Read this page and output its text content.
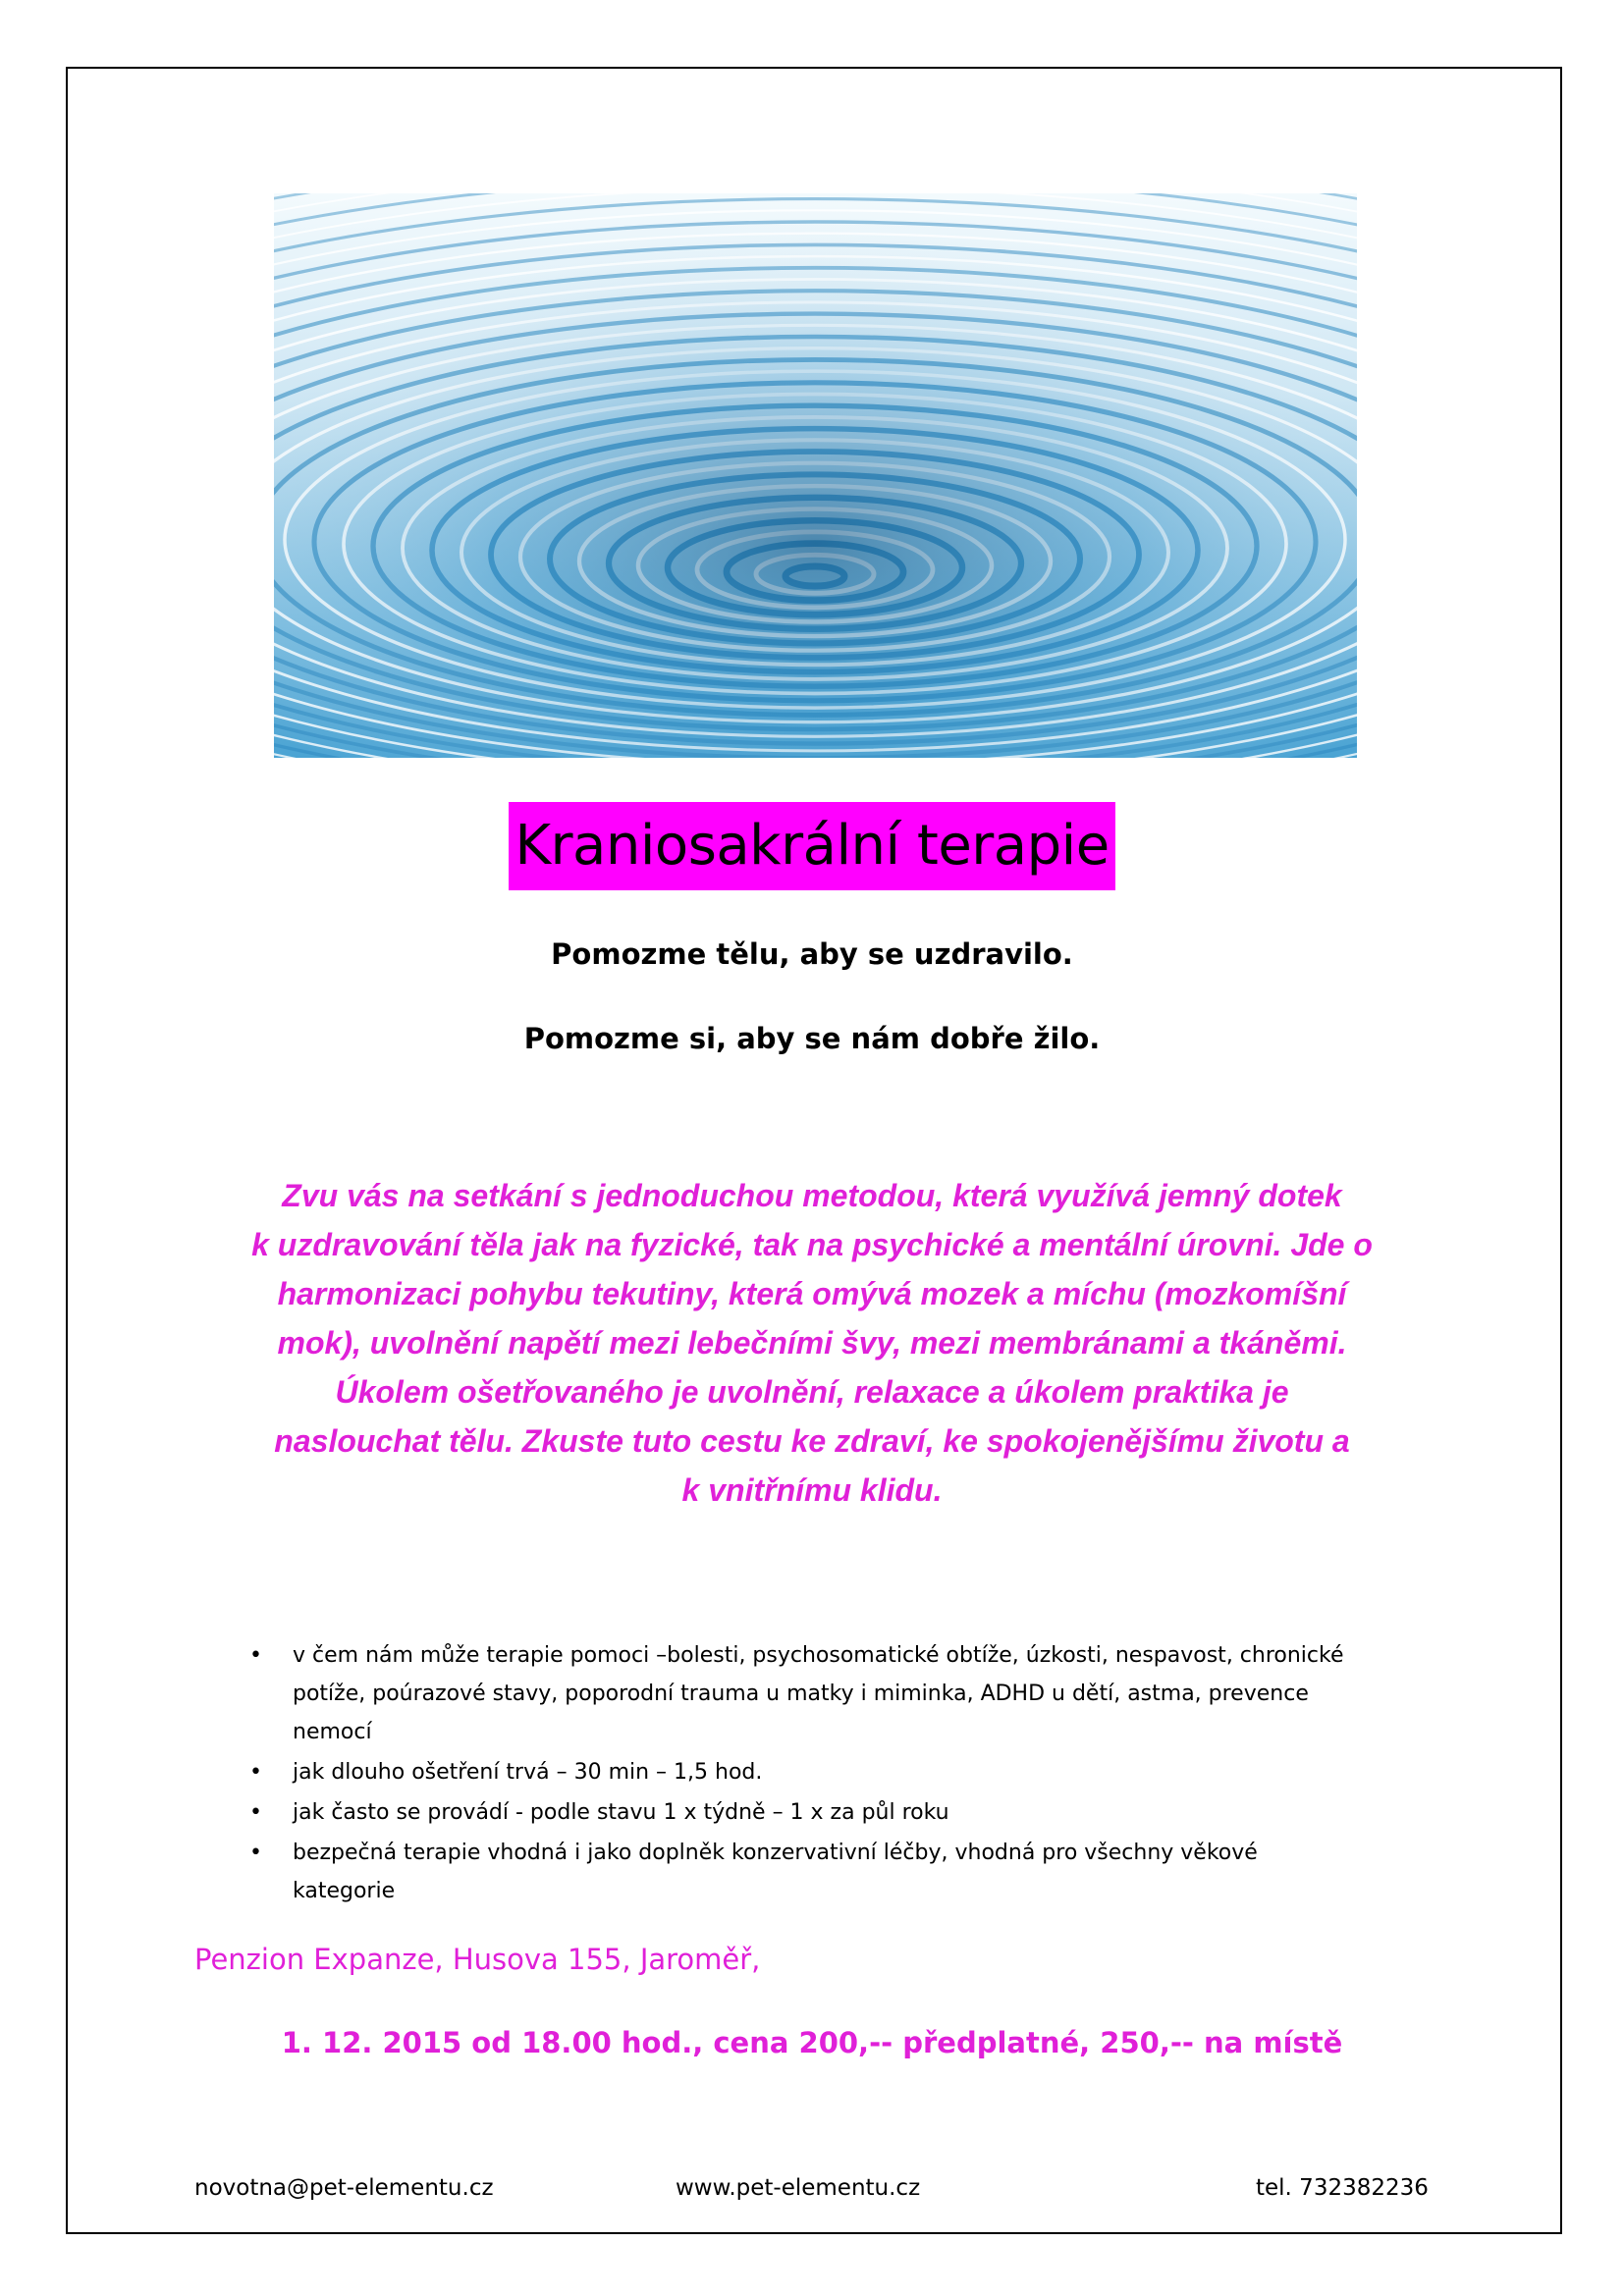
Kraniosakrální terapie
Pomozme tělu, aby se uzdravilo.
Pomozme si, aby se nám dobře žilo.
Zvu vás na setkání s jednoduchou metodou, která využívá jemný dotek
k uzdravování těla jak na fyzické, tak na psychické a mentální úrovni. Jde o
harmonizaci pohybu tekutiny, která omývá mozek a míchu (mozkomíšní
mok), uvolnění napětí mezi lebečními švy, mezi membránami a tkáněmi.
Úkolem ošetřovaného je uvolnění, relaxace a úkolem praktika je
naslouchat tělu. Zkuste tuto cestu ke zdraví, ke spokojenějšímu životu a
k vnitřnímu klidu.
• v čem nám může terapie pomoci –bolesti, psychosomatické obtíže, úzkosti, nespavost, chronické
potíže, poúrazové stavy, poporodní trauma u matky i miminka, ADHD u dětí, astma, prevence
nemocí
• jak dlouho ošetření trvá – 30 min – 1,5 hod.
• jak často se provádí - podle stavu 1 x týdně – 1 x za půl roku
• bezpečná terapie vhodná i jako doplněk konzervativní léčby, vhodná pro všechny věkové
kategorie
Penzion Expanze, Husova 155, Jaroměř,
1. 12. 2015 od 18.00 hod., cena 200,-- předplatné, 250,-- na místě
novotna@pet-elementu.cz	www.pet-elementu.cz	tel. 732382236
